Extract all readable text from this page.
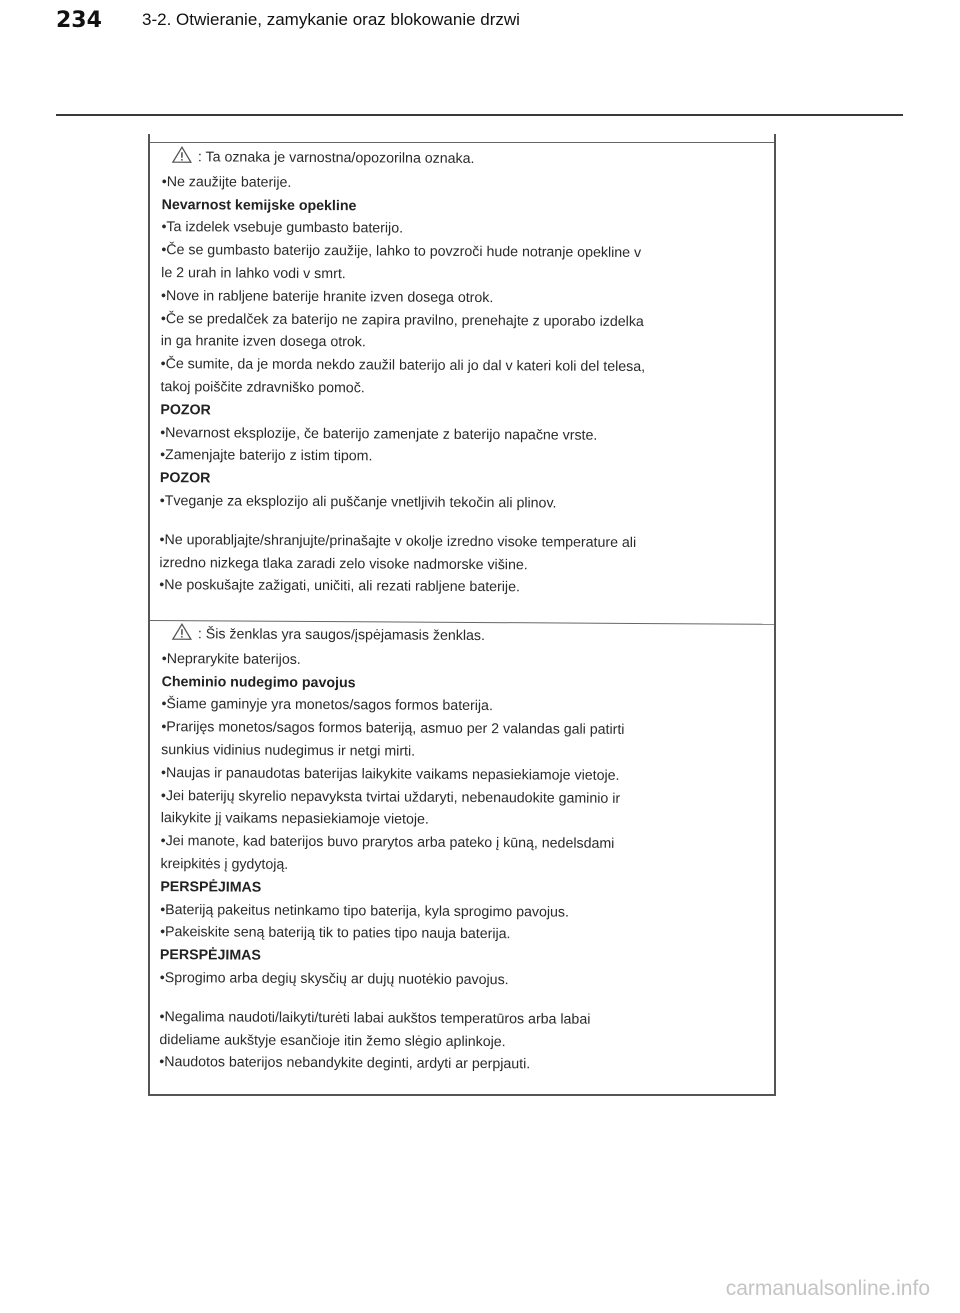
234 3-2. Otwieranie, zamykanie oraz blokowanie drzwi
: Ta oznaka je varnostna/opozorilna oznaka.
•Ne zaužijte baterije.
Nevarnost kemijske opekline
•Ta izdelek vsebuje gumbasto baterijo.
•Če se gumbasto baterijo zaužije, lahko to povzroči hude notranje opekline v
le 2 urah in lahko vodi v smrt.
•Nove in rabljene baterije hranite izven dosega otrok.
•Če se predalček za baterijo ne zapira pravilno, prenehajte z uporabo izdelka
in ga hranite izven dosega otrok.
•Če sumite, da je morda nekdo zaužil baterijo ali jo dal v kateri koli del telesa,
takoj poiščite zdravniško pomoč.
POZOR
•Nevarnost eksplozije, če baterijo zamenjate z baterijo napačne vrste.
•Zamenjajte baterijo z istim tipom.
POZOR
•Tveganje za eksplozijo ali puščanje vnetljivih tekočin ali plinov.
•Ne uporabljajte/shranjujte/prinašajte v okolje izredno visoke temperature ali
izredno nizkega tlaka zaradi zelo visoke nadmorske višine.
•Ne poskušajte zažigati, uničiti, ali rezati rabljene baterije.
: Šis ženklas yra saugos/įspėjamasis ženklas.
•Neprarykite baterijos.
Cheminio nudegimo pavojus
•Šiame gaminyje yra monetos/sagos formos baterija.
•Prarijęs monetos/sagos formos bateriją, asmuo per 2 valandas gali patirti
sunkius vidinius nudegimus ir netgi mirti.
•Naujas ir panaudotas baterijas laikykite vaikams nepasiekiamoje vietoje.
•Jei baterijų skyrelio nepavyksta tvirtai uždaryti, nebenaudokite gaminio ir
laikykite jį vaikams nepasiekiamoje vietoje.
•Jei manote, kad baterijos buvo prarytos arba pateko į kūną, nedelsdami
kreipkitės į gydytoją.
PERSPĖJIMAS
•Bateriją pakeitus netinkamo tipo baterija, kyla sprogimo pavojus.
•Pakeiskite seną bateriją tik to paties tipo nauja baterija.
PERSPĖJIMAS
•Sprogimo arba degių skysčių ar dujų nuotėkio pavojus.
•Negalima naudoti/laikyti/turėti labai aukštos temperatūros arba labai
dideliame aukštyje esančioje itin žemo slėgio aplinkoje.
•Naudotos baterijos nebandykite deginti, ardyti ar perpjauti.
carmanualsonline.info
